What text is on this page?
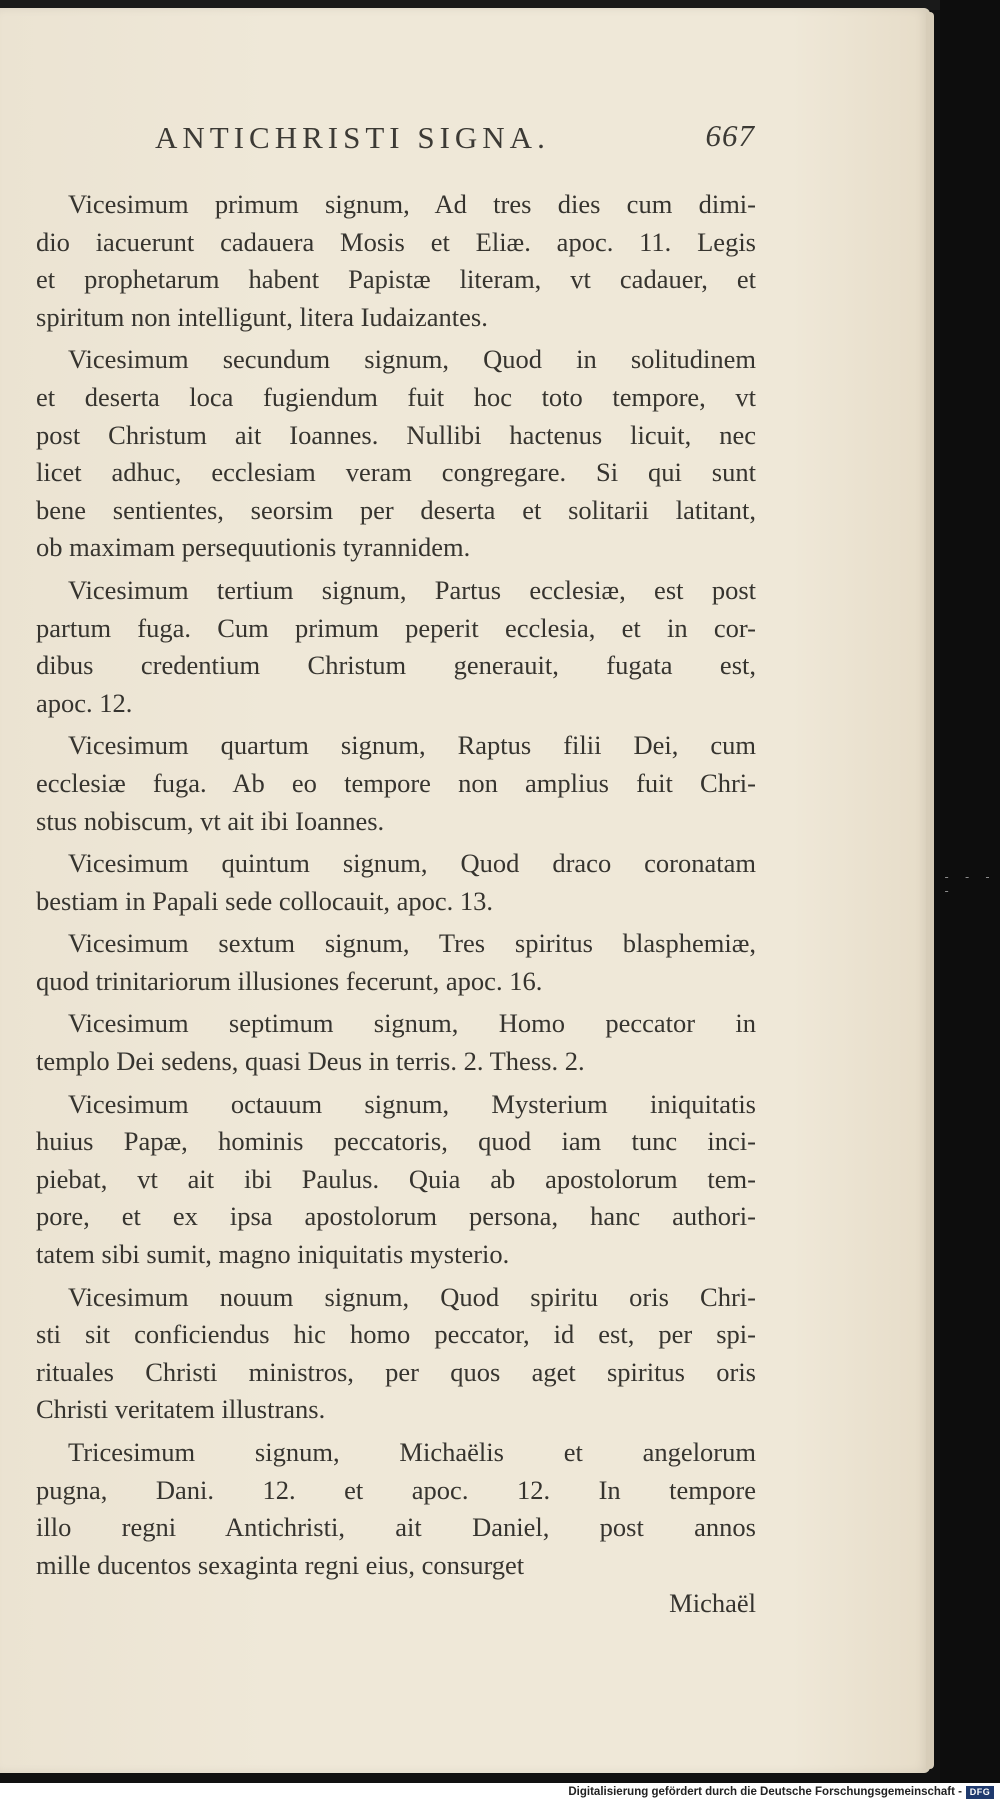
- - - -
ANTICHRISTI SIGNA.	667
Vicesimum primum signum, Ad tres dies cum dimi-
dio iacuerunt cadauera Mosis et Eliæ. apoc. 11. Legis
et prophetarum habent Papistæ literam, vt cadauer, et
spiritum non intelligunt, litera Iudaizantes.
Vicesimum secundum signum, Quod in solitudinem
et deserta loca fugiendum fuit hoc toto tempore, vt
post Christum ait Ioannes. Nullibi hactenus licuit, nec
licet adhuc, ecclesiam veram congregare. Si qui sunt
bene sentientes, seorsim per deserta et solitarii latitant,
ob maximam persequutionis tyrannidem.
Vicesimum tertium signum, Partus ecclesiæ, est post
partum fuga. Cum primum peperit ecclesia, et in cor-
dibus credentium Christum generauit, fugata est,
apoc. 12.
Vicesimum quartum signum, Raptus filii Dei, cum
ecclesiæ fuga. Ab eo tempore non amplius fuit Chri-
stus nobiscum, vt ait ibi Ioannes.
Vicesimum quintum signum, Quod draco coronatam
bestiam in Papali sede collocauit, apoc. 13.
Vicesimum sextum signum, Tres spiritus blasphemiæ,
quod trinitariorum illusiones fecerunt, apoc. 16.
Vicesimum septimum signum, Homo peccator in
templo Dei sedens, quasi Deus in terris. 2. Thess. 2.
Vicesimum octauum signum, Mysterium iniquitatis
huius Papæ, hominis peccatoris, quod iam tunc inci-
piebat, vt ait ibi Paulus. Quia ab apostolorum tem-
pore, et ex ipsa apostolorum persona, hanc authori-
tatem sibi sumit, magno iniquitatis mysterio.
Vicesimum nouum signum, Quod spiritu oris Chri-
sti sit conficiendus hic homo peccator, id est, per spi-
rituales Christi ministros, per quos aget spiritus oris
Christi veritatem illustrans.
Tricesimum signum, Michaëlis et angelorum
pugna, Dani. 12. et apoc. 12. In tempore
illo regni Antichristi, ait Daniel, post annos
mille ducentos sexaginta regni eius, consurget
Michaël
Digitalisierung gefördert durch die Deutsche Forschungsgemeinschaft - DFG
